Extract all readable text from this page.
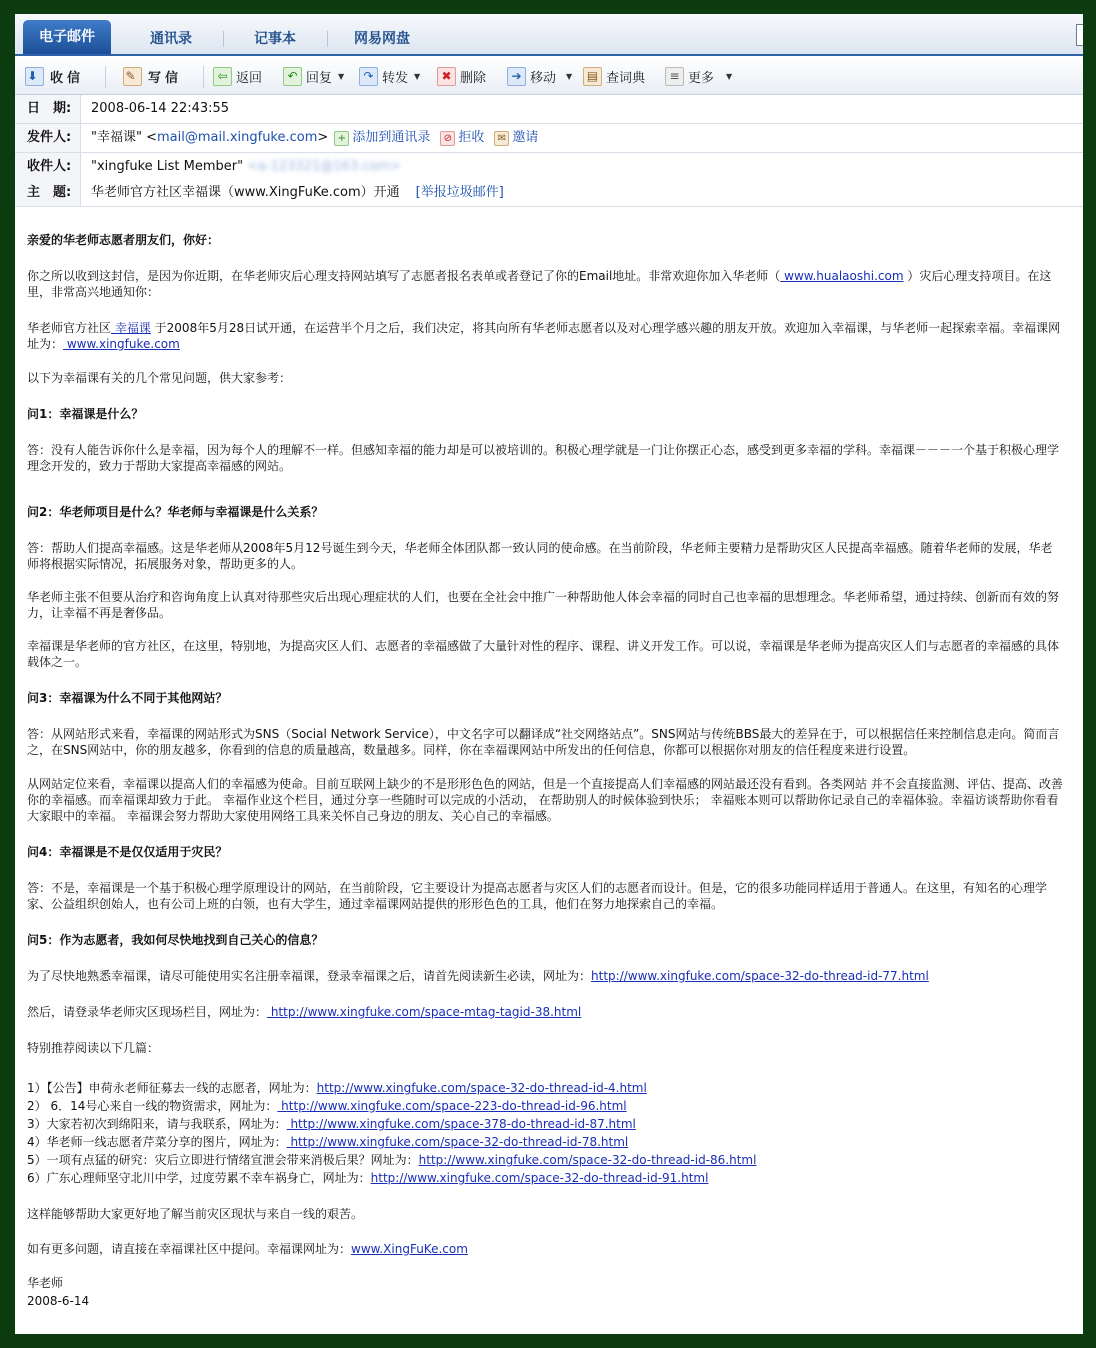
电子邮件	通讯录	记事本	网易网盘
⬇ 收信	✎ 写信	⇦ 返回	↶ 回复 ▼	↷ 转发 ▼	✖ 删除	➔ 移动 ▼	▤ 查词典	≡ 更多 ▼
日　期:	2008-06-14 22:43:55
发件人:	"幸福课" < mail@mail.xingfuke.com > + 添加到通讯录	⊘ 拒收	✉ 邀请
收件人:	"xingfuke List Member" <a-123321@163.com>
主　题:	华老师官方社区幸福课（www.XingFuKe.com）开通 [举报垃圾邮件]

亲爱的华老师志愿者朋友们，你好：

你之所以收到这封信，是因为你近期，在华老师灾后心理支持网站填写了志愿者报名表单或者登记了你的Email地址。非常欢迎你加入华老师（ www.hualaoshi.com ）灾后心理支持项目。在这里，非常高兴地通知你：

华老师官方社区 幸福课 于2008年5月28日试开通，在运营半个月之后，我们决定，将其向所有华老师志愿者以及对心理学感兴趣的朋友开放。欢迎加入幸福课，与华老师一起探索幸福。幸福课网址为： www.xingfuke.com

以下为幸福课有关的几个常见问题，供大家参考：

问1：幸福课是什么？

答：没有人能告诉你什么是幸福，因为每个人的理解不一样。但感知幸福的能力却是可以被培训的。积极心理学就是一门让你摆正心态，感受到更多幸福的学科。幸福课－－－一个基于积极心理学理念开发的，致力于帮助大家提高幸福感的网站。

问2：华老师项目是什么？华老师与幸福课是什么关系？

答：帮助人们提高幸福感。这是华老师从2008年5月12号诞生到今天，华老师全体团队都一致认同的使命感。在当前阶段，华老师主要精力是帮助灾区人民提高幸福感。随着华老师的发展，华老师将根据实际情况，拓展服务对象，帮助更多的人。

华老师主张不但要从治疗和咨询角度上认真对待那些灾后出现心理症状的人们，也要在全社会中推广一种帮助他人体会幸福的同时自己也幸福的思想理念。华老师希望，通过持续、创新而有效的努力，让幸福不再是奢侈品。

幸福课是华老师的官方社区，在这里，特别地，为提高灾区人们、志愿者的幸福感做了大量针对性的程序、课程、讲义开发工作。可以说，幸福课是华老师为提高灾区人们与志愿者的幸福感的具体载体之一。

问3：幸福课为什么不同于其他网站？

答：从网站形式来看，幸福课的网站形式为SNS（Social Network Service），中文名字可以翻译成“社交网络站点”。SNS网站与传统BBS最大的差异在于，可以根据信任来控制信息走向。简而言之，在SNS网站中，你的朋友越多，你看到的信息的质量越高，数量越多。同样，你在幸福课网站中所发出的任何信息，你都可以根据你对朋友的信任程度来进行设置。

从网站定位来看，幸福课以提高人们的幸福感为使命。目前互联网上缺少的不是形形色色的网站，但是一个直接提高人们幸福感的网站最还没有看到。各类网站 并不会直接监测、评估、提高、改善你的幸福感。而幸福课却致力于此。 幸福作业这个栏目，通过分享一些随时可以完成的小活动， 在帮助别人的时候体验到快乐； 幸福账本则可以帮助你记录自己的幸福体验。幸福访谈帮助你看看大家眼中的幸福。 幸福课会努力帮助大家使用网络工具来关怀自己身边的朋友、关心自己的幸福感。

问4：幸福课是不是仅仅适用于灾民？

答：不是，幸福课是一个基于积极心理学原理设计的网站，在当前阶段，它主要设计为提高志愿者与灾区人们的志愿者而设计。但是，它的很多功能同样适用于普通人。在这里，有知名的心理学家、公益组织创始人，也有公司上班的白领，也有大学生，通过幸福课网站提供的形形色色的工具，他们在努力地探索自己的幸福。

问5：作为志愿者，我如何尽快地找到自己关心的信息？

为了尽快地熟悉幸福课，请尽可能使用实名注册幸福课，登录幸福课之后，请首先阅读新生必读，网址为：http://www.xingfuke.com/space-32-do-thread-id-77.html

然后，请登录华老师灾区现场栏目，网址为： http://www.xingfuke.com/space-mtag-tagid-38.html

特别推荐阅读以下几篇：

1）【公告】申荷永老师征募去一线的志愿者，网址为：http://www.xingfuke.com/space-32-do-thread-id-4.html

2） 6．14号心来自一线的物资需求，网址为： http://www.xingfuke.com/space-223-do-thread-id-96.html

3）大家若初次到绵阳来，请与我联系，网址为： http://www.xingfuke.com/space-378-do-thread-id-87.html

4）华老师一线志愿者芹菜分享的图片，网址为： http://www.xingfuke.com/space-32-do-thread-id-78.html

5）一项有点猛的研究：灾后立即进行情绪宣泄会带来消极后果？网址为：http://www.xingfuke.com/space-32-do-thread-id-86.html

6）广东心理师坚守北川中学，过度劳累不幸车祸身亡，网址为：http://www.xingfuke.com/space-32-do-thread-id-91.html

这样能够帮助大家更好地了解当前灾区现状与来自一线的艰苦。

如有更多问题，请直接在幸福课社区中提问。幸福课网址为：www.XingFuKe.com

华老师

2008-6-14
